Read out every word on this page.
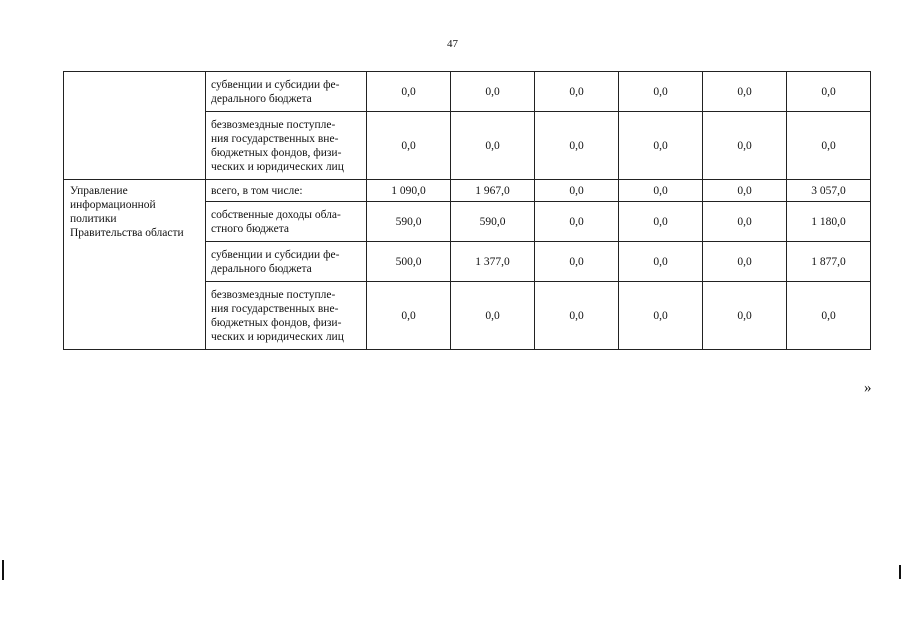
47
	субвенции и субсидии фе-
дерального бюджета	0,0	0,0	0,0	0,0	0,0	0,0
	безвозмездные поступле-
ния государственных вне-
бюджетных фондов, физи-
ческих и юридических лиц	0,0	0,0	0,0	0,0	0,0	0,0
Управление
информационной
политики
Правительства области	всего, в том числе:	1 090,0	1 967,0	0,0	0,0	0,0	3 057,0
	собственные доходы обла-
стного бюджета	590,0	590,0	0,0	0,0	0,0	1 180,0
	субвенции и субсидии фе-
дерального бюджета	500,0	1 377,0	0,0	0,0	0,0	1 877,0
	безвозмездные поступле-
ния государственных вне-
бюджетных фондов, физи-
ческих и юридических лиц	0,0	0,0	0,0	0,0	0,0	0,0
»
